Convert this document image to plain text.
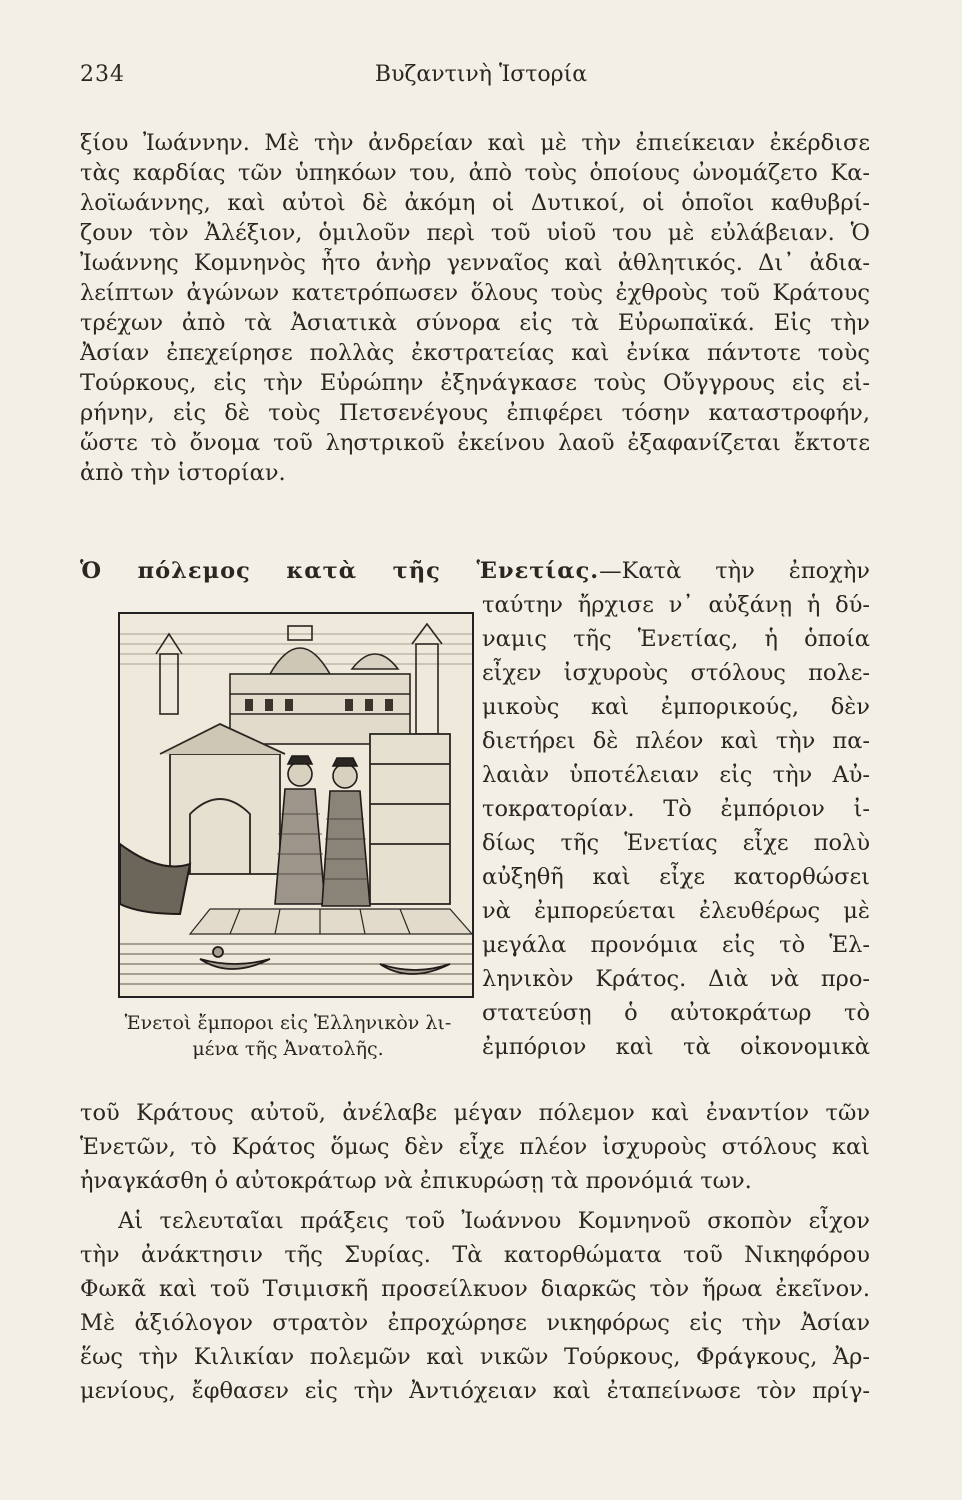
234	Βυζαντινὴ Ἱστορία
ξίου Ἰωάννην. Μὲ τὴν ἀνδρείαν καὶ μὲ τὴν ἐπιείκειαν ἐκέρδισε
τὰς καρδίας τῶν ὑπηκόων του, ἀπὸ τοὺς ὁποίους ὠνομάζετο Κα-
λοϊωάννης, καὶ αὐτοὶ δὲ ἀκόμη οἱ Δυτικοί, οἱ ὁποῖοι καθυβρί-
ζουν τὸν Ἀλέξιον, ὁμιλοῦν περὶ τοῦ υἱοῦ του μὲ εὐλάβειαν. Ὁ
Ἰωάννης Κομνηνὸς ἦτο ἀνὴρ γενναῖος καὶ ἀθλητικός. Δι᾽ ἀδια-
λείπτων ἀγώνων κατετρόπωσεν ὅλους τοὺς ἐχθροὺς τοῦ Κράτους
τρέχων ἀπὸ τὰ Ἀσιατικὰ σύνορα εἰς τὰ Εὐρωπαϊκά. Εἰς τὴν
Ἀσίαν ἐπεχείρησε πολλὰς ἐκστρατείας καὶ ἐνίκα πάντοτε τοὺς
Τούρκους, εἰς τὴν Εὐρώπην ἐξηνάγκασε τοὺς Οὔγγρους εἰς εἰ-
ρήνην, εἰς δὲ τοὺς Πετσενέγους ἐπιφέρει τόσην καταστροφήν,
ὥστε τὸ ὄνομα τοῦ ληστρικοῦ ἐκείνου λαοῦ ἐξαφανίζεται ἔκτοτε
ἀπὸ τὴν ἱστορίαν.
Ὁ πόλεμος κατὰ τῆς Ἑνετίας.—Κατὰ τὴν ἐποχὴν
ταύτην ἤρχισε ν᾽ αὐξάνῃ ἡ δύ-
ναμις τῆς Ἑνετίας, ἡ ὁποία
εἶχεν ἰσχυροὺς στόλους πολε-
μικοὺς καὶ ἐμπορικούς, δὲν
διετήρει δὲ πλέον καὶ τὴν πα-
λαιὰν ὑποτέλειαν εἰς τὴν Αὐ-
τοκρατορίαν. Τὸ ἐμπόριον ἰ-
δίως τῆς Ἑνετίας εἶχε πολὺ
αὐξηθῆ καὶ εἶχε κατορθώσει
νὰ ἐμπορεύεται ἐλευθέρως μὲ
μεγάλα προνόμια εἰς τὸ Ἑλ-
ληνικὸν Κράτος. Διὰ νὰ προ-
στατεύσῃ ὁ αὐτοκράτωρ τὸ
ἐμπόριον καὶ τὰ οἰκονομικὰ
Ἑνετοὶ ἔμποροι εἰς Ἑλληνικὸν λι-
μένα τῆς Ἀνατολῆς.
τοῦ Κράτους αὐτοῦ, ἀνέλαβε μέγαν πόλεμον καὶ ἐναντίον τῶν
Ἑνετῶν, τὸ Κράτος ὅμως δὲν εἶχε πλέον ἰσχυροὺς στόλους καὶ
ἠναγκάσθη ὁ αὐτοκράτωρ νὰ ἐπικυρώσῃ τὰ προνόμιά των.
Αἱ τελευταῖαι πράξεις τοῦ Ἰωάννου Κομνηνοῦ σκοπὸν εἶχον
τὴν ἀνάκτησιν τῆς Συρίας. Τὰ κατορθώματα τοῦ Νικηφόρου
Φωκᾶ καὶ τοῦ Τσιμισκῆ προσείλκυον διαρκῶς τὸν ἥρωα ἐκεῖνον.
Μὲ ἀξιόλογον στρατὸν ἐπροχώρησε νικηφόρως εἰς τὴν Ἀσίαν
ἕως τὴν Κιλικίαν πολεμῶν καὶ νικῶν Τούρκους, Φράγκους, Ἀρ-
μενίους, ἔφθασεν εἰς τὴν Ἀντιόχειαν καὶ ἐταπείνωσε τὸν πρίγ-
